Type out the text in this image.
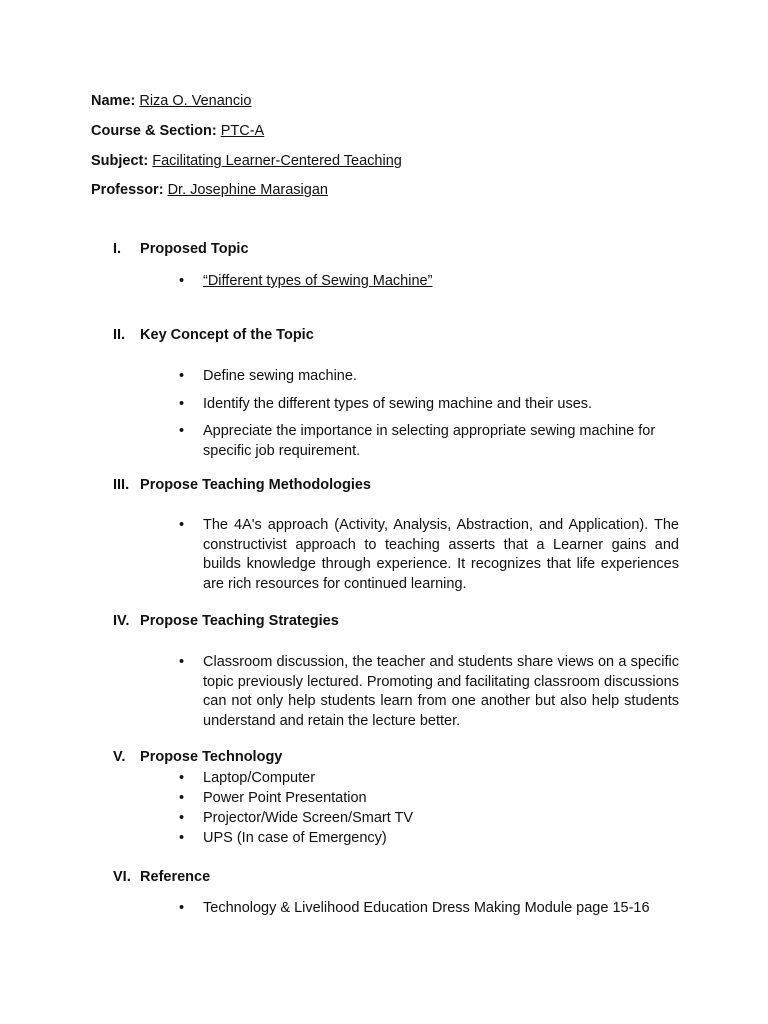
Name: Riza O. Venancio
Course & Section: PTC-A
Subject: Facilitating Learner-Centered Teaching
Professor: Dr. Josephine Marasigan
I. Proposed Topic
• “Different types of Sewing Machine”
II. Key Concept of the Topic
• Define sewing machine.
• Identify the different types of sewing machine and their uses.
• Appreciate the importance in selecting appropriate sewing machine for specific job requirement.
III. Propose Teaching Methodologies
• The 4A's approach (Activity, Analysis, Abstraction, and Application). The constructivist approach to teaching asserts that a Learner gains and builds knowledge through experience. It recognizes that life experiences are rich resources for continued learning.
IV. Propose Teaching Strategies
• Classroom discussion, the teacher and students share views on a specific topic previously lectured. Promoting and facilitating classroom discussions can not only help students learn from one another but also help students understand and retain the lecture better.
V. Propose Technology
• Laptop/Computer
• Power Point Presentation
• Projector/Wide Screen/Smart TV
• UPS (In case of Emergency)
VI. Reference
• Technology & Livelihood Education Dress Making Module page 15-16
